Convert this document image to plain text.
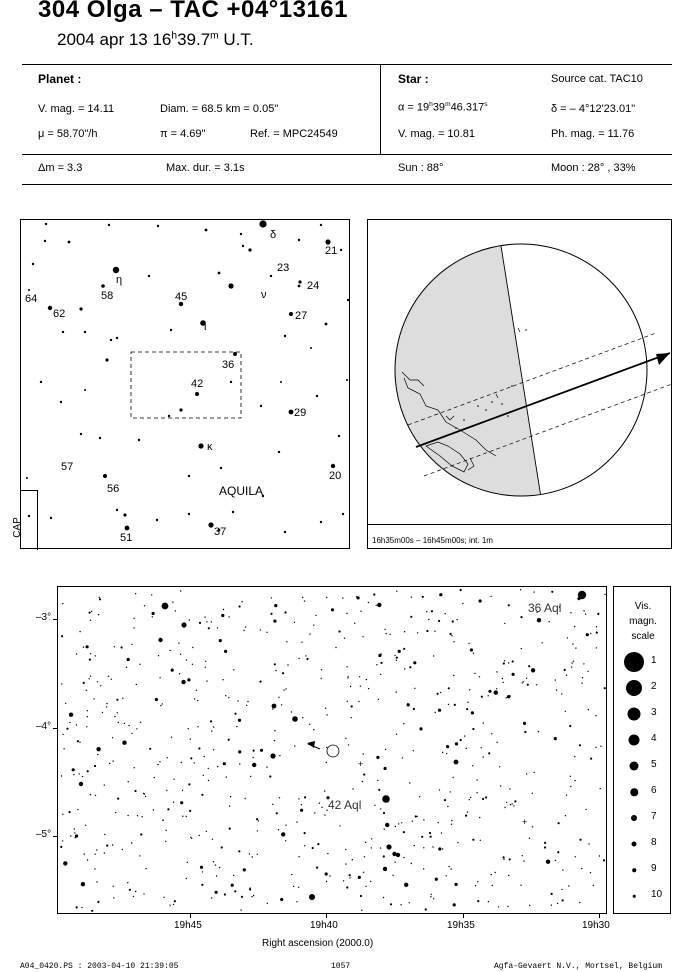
304 Olga – TAC +04°13161
2004 apr 13 16$^h$39.7$^m$ U.T.
Planet :
V. mag. = 14.11	Diam. = 68.5 km = 0.05"
μ = 58.70"/h	π = 4.69"	Ref. = MPC24549
Δm = 3.3	Max. dur. = 3.1s
Star :	Source cat. TAC10
$\alpha = 19^h39^m46.317^s$	δ = – 4°12'23.01"
V. mag. = 10.81	Ph. mag. = 11.76
Sun : 88°	Moon : 28° , 33%
δ
21
23
24
η
58	45	ν
64
62	27
ι
36
42
29
κ
57
56
20
51	37
CAP
AQUILA
16h35m00s – 16h45m00s; int. 1m
+
+
36 Aql
42 Aql
–3°
–4°
–5°
19h45	19h40	19h35	19h30
Right ascension (2000.0)
Vis.
magn.
scale
1
2
3
4
5
6
7
8
9
10
A04_0420.PS : 2003-04-10 21:39:05	1057	Agfa-Gevaert N.V., Mortsel, Belgium
